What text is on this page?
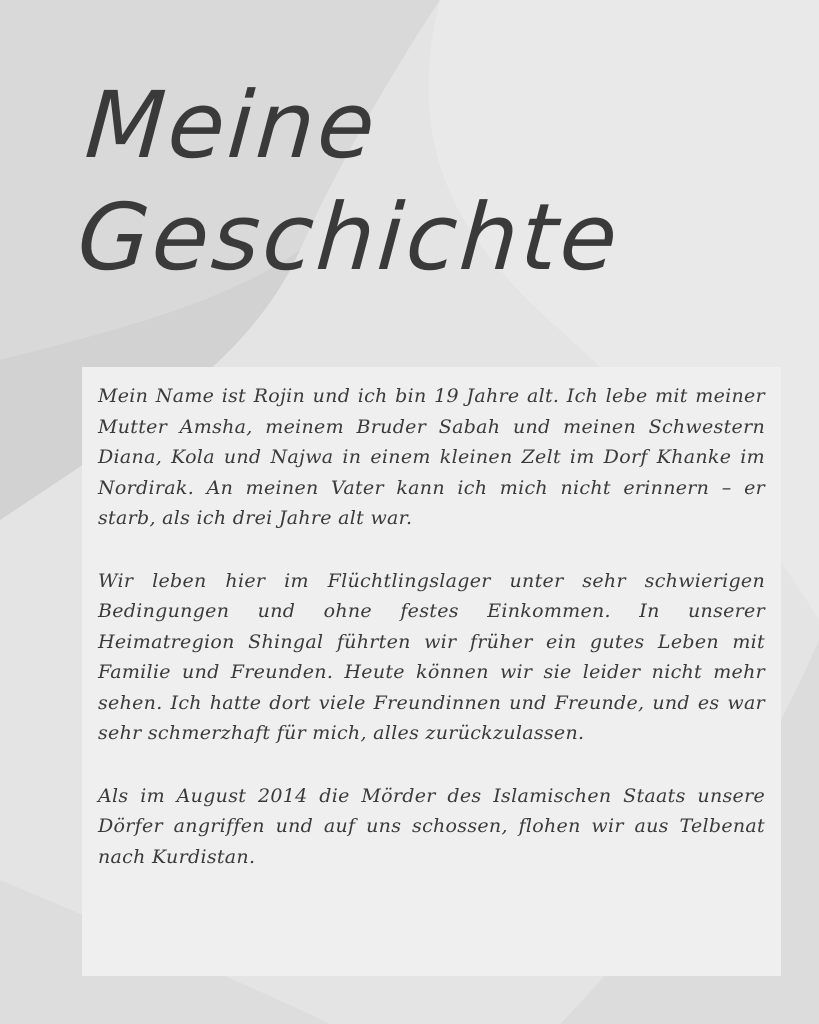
Meine
Geschichte

Mein Name ist Rojin und ich bin 19 Jahre alt. Ich lebe mit meiner Mutter Amsha, meinem Bruder Sabah und meinen Schwestern Diana, Kola und Najwa in einem kleinen Zelt im Dorf Khanke im Nordirak. An meinen Vater kann ich mich nicht erinnern – er starb, als ich drei Jahre alt war.

Wir leben hier im Flüchtlingslager unter sehr schwierigen Bedingungen und ohne festes Einkommen. In unserer Heimatregion Shingal führten wir früher ein gutes Leben mit Familie und Freunden. Heute können wir sie leider nicht mehr sehen. Ich hatte dort viele Freundinnen und Freunde, und es war sehr schmerzhaft für mich, alles zurückzulassen.

Als im August 2014 die Mörder des Islamischen Staats unsere Dörfer angriffen und auf uns schossen, flohen wir aus Telbenat nach Kurdistan.
